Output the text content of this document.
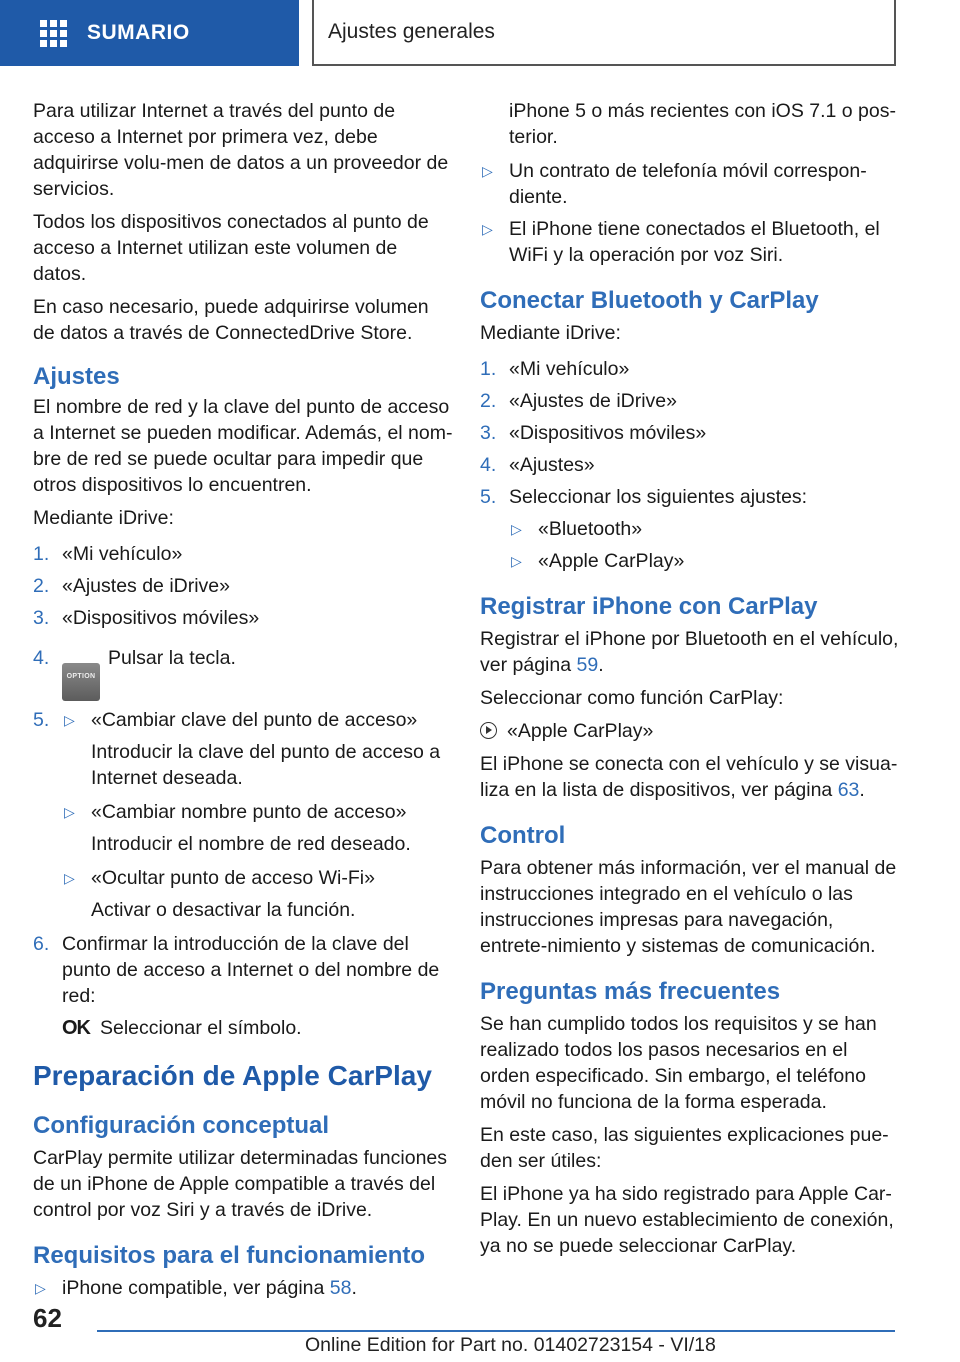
SUMARIO	Ajustes generales

Para utilizar Internet a través del punto de acceso a Internet por primera vez, debe adquirirse volu‐men de datos a un proveedor de servicios.

Todos los dispositivos conectados al punto de acceso a Internet utilizan este volumen de datos.

En caso necesario, puede adquirirse volumen de datos a través de ConnectedDrive Store.

Ajustes

El nombre de red y la clave del punto de acceso a Internet se pueden modificar. Además, el nom‐bre de red se puede ocultar para impedir que otros dispositivos lo encuentren.

Mediante iDrive:

1. «Mi vehículo»
2. «Ajustes de iDrive»
3. «Dispositivos móviles»
4.
OPTIONPulsar la tecla.
5. ▷ «Cambiar clave del punto de acceso»
Introducir la clave del punto de acceso a Internet deseada.
▷ «Cambiar nombre punto de acceso»
Introducir el nombre de red deseado.
▷ «Ocultar punto de acceso Wi-Fi»
Activar o desactivar la función.
6. Confirmar la introducción de la clave del punto de acceso a Internet o del nombre de red:
OK Seleccionar el símbolo.
Preparación de Apple CarPlay
Configuración conceptual

CarPlay permite utilizar determinadas funciones de un iPhone de Apple compatible a través del control por voz Siri y a través de iDrive.

Requisitos para el funcionamiento
▷ iPhone compatible, ver página 58.
iPhone 5 o más recientes con iOS 7.1 o pos‐terior.
▷ Un contrato de telefonía móvil correspon‐diente.
▷ El iPhone tiene conectados el Bluetooth, el WiFi y la operación por voz Siri.
Conectar Bluetooth y CarPlay

Mediante iDrive:

1. «Mi vehículo»
2. «Ajustes de iDrive»
3. «Dispositivos móviles»
4. «Ajustes»
5. Seleccionar los siguientes ajustes:
▷ «Bluetooth»
▷ «Apple CarPlay»
Registrar iPhone con CarPlay

Registrar el iPhone por Bluetooth en el vehículo, ver página 59.

Seleccionar como función CarPlay:

«Apple CarPlay»

El iPhone se conecta con el vehículo y se visua‐liza en la lista de dispositivos, ver página 63.

Control

Para obtener más información, ver el manual de instrucciones integrado en el vehículo o las instrucciones impresas para navegación, entrete‐nimiento y sistemas de comunicación.

Preguntas más frecuentes

Se han cumplido todos los requisitos y se han realizado todos los pasos necesarios en el orden especificado. Sin embargo, el teléfono móvil no funciona de la forma esperada.

En este caso, las siguientes explicaciones pue‐den ser útiles:

El iPhone ya ha sido registrado para Apple Car‐Play. En un nuevo establecimiento de conexión, ya no se puede seleccionar CarPlay.

62
Online Edition for Part no. 01402723154 - VI/18
